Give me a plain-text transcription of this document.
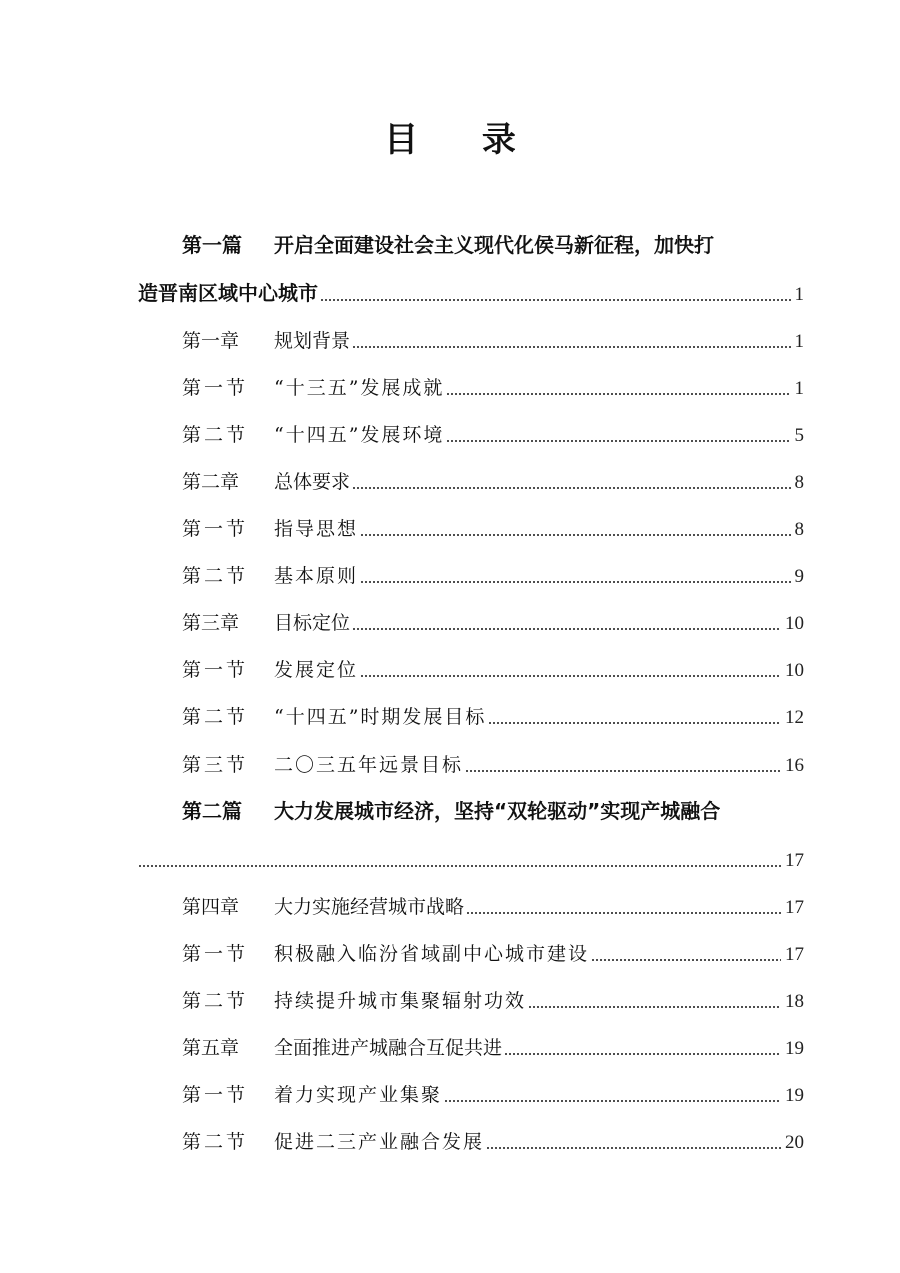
目 录
第一篇	开启全面建设社会主义现代化侯马新征程，加快打
造晋南区域中心城市	1
第一章	规划背景	1
第一节	“十三五”发展成就	1
第二节	“十四五”发展环境	5
第二章	总体要求	8
第一节	指导思想	8
第二节	基本原则	9
第三章	目标定位	10
第一节	发展定位	10
第二节	“十四五”时期发展目标	12
第三节	二〇三五年远景目标	16
第二篇	大力发展城市经济，坚持“双轮驱动”实现产城融合
17
第四章	大力实施经营城市战略	17
第一节	积极融入临汾省域副中心城市建设	17
第二节	持续提升城市集聚辐射功效	18
第五章	全面推进产城融合互促共进	19
第一节	着力实现产业集聚	19
第二节	促进二三产业融合发展	20
